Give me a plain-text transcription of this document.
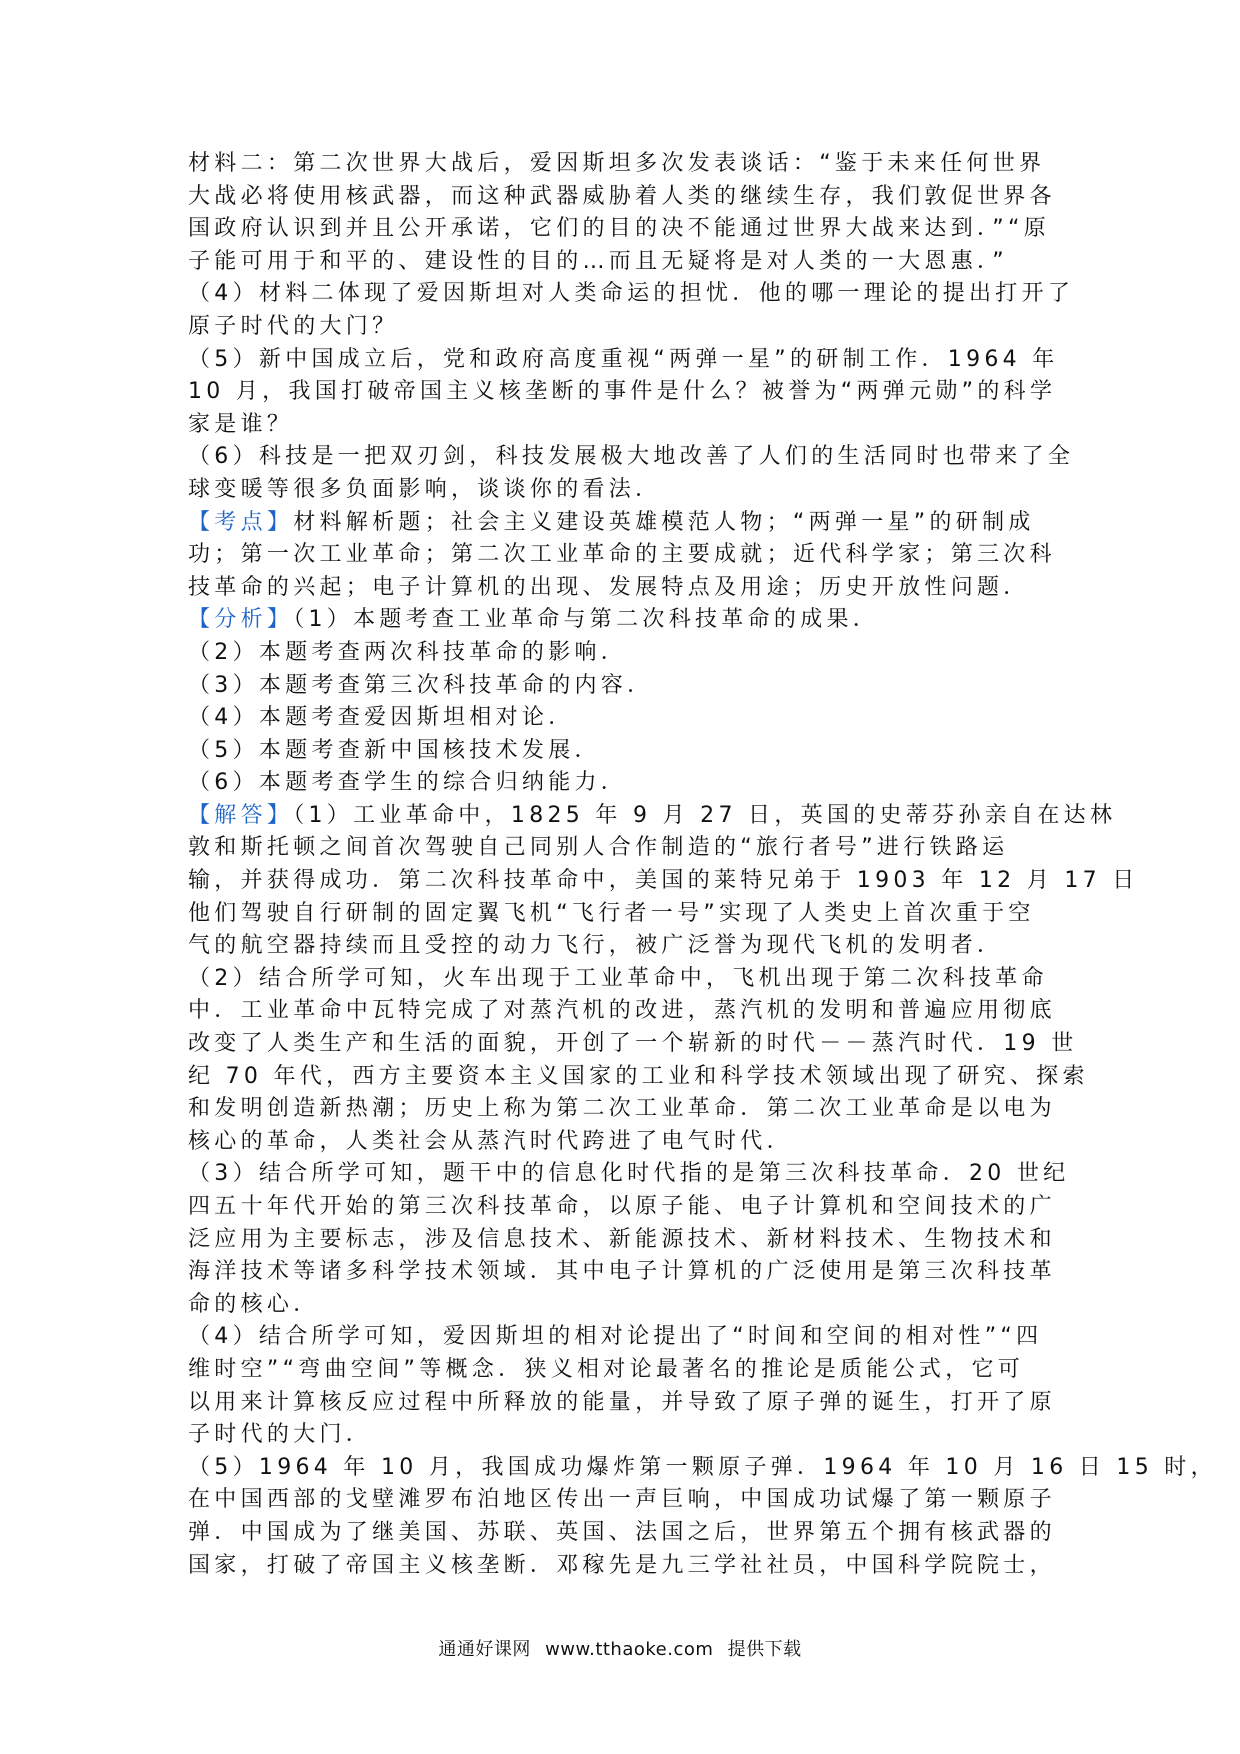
材料二：第二次世界大战后，爱因斯坦多次发表谈话：“鉴于未来任何世界
大战必将使用核武器，而这种武器威胁着人类的继续生存，我们敦促世界各
国政府认识到并且公开承诺，它们的目的决不能通过世界大战来达到．”“原
子能可用于和平的、建设性的目的…而且无疑将是对人类的一大恩惠．”
（4）材料二体现了爱因斯坦对人类命运的担忧．他的哪一理论的提出打开了
原子时代的大门？
（5）新中国成立后，党和政府高度重视“两弹一星”的研制工作．1964 年
10 月，我国打破帝国主义核垄断的事件是什么？被誉为“两弹元勋”的科学
家是谁？
（6）科技是一把双刃剑，科技发展极大地改善了人们的生活同时也带来了全
球变暖等很多负面影响，谈谈你的看法．
【考点】材料解析题；社会主义建设英雄模范人物；“两弹一星”的研制成
功；第一次工业革命；第二次工业革命的主要成就；近代科学家；第三次科
技革命的兴起；电子计算机的出现、发展特点及用途；历史开放性问题．
【分析】（1）本题考查工业革命与第二次科技革命的成果．
（2）本题考查两次科技革命的影响．
（3）本题考查第三次科技革命的内容．
（4）本题考查爱因斯坦相对论．
（5）本题考查新中国核技术发展．
（6）本题考查学生的综合归纳能力．
【解答】（1）工业革命中，1825 年 9 月 27 日，英国的史蒂芬孙亲自在达林
敦和斯托顿之间首次驾驶自己同别人合作制造的“旅行者号”进行铁路运
输，并获得成功．第二次科技革命中，美国的莱特兄弟于 1903 年 12 月 17 日
他们驾驶自行研制的固定翼飞机“飞行者一号”实现了人类史上首次重于空
气的航空器持续而且受控的动力飞行，被广泛誉为现代飞机的发明者．
（2）结合所学可知，火车出现于工业革命中，飞机出现于第二次科技革命
中．工业革命中瓦特完成了对蒸汽机的改进，蒸汽机的发明和普遍应用彻底
改变了人类生产和生活的面貌，开创了一个崭新的时代－－蒸汽时代．19 世
纪 70 年代，西方主要资本主义国家的工业和科学技术领域出现了研究、探索
和发明创造新热潮；历史上称为第二次工业革命．第二次工业革命是以电为
核心的革命，人类社会从蒸汽时代跨进了电气时代．
（3）结合所学可知，题干中的信息化时代指的是第三次科技革命．20 世纪
四五十年代开始的第三次科技革命，以原子能、电子计算机和空间技术的广
泛应用为主要标志，涉及信息技术、新能源技术、新材料技术、生物技术和
海洋技术等诸多科学技术领域．其中电子计算机的广泛使用是第三次科技革
命的核心．
（4）结合所学可知，爱因斯坦的相对论提出了“时间和空间的相对性”“四
维时空”“弯曲空间”等概念．狭义相对论最著名的推论是质能公式，它可
以用来计算核反应过程中所释放的能量，并导致了原子弹的诞生，打开了原
子时代的大门．
（5）1964 年 10 月，我国成功爆炸第一颗原子弹．1964 年 10 月 16 日 15 时，
在中国西部的戈壁滩罗布泊地区传出一声巨响，中国成功试爆了第一颗原子
弹．中国成为了继美国、苏联、英国、法国之后，世界第五个拥有核武器的
国家，打破了帝国主义核垄断．邓稼先是九三学社社员，中国科学院院士，
通通好课网 www.tthaoke.com 提供下载
